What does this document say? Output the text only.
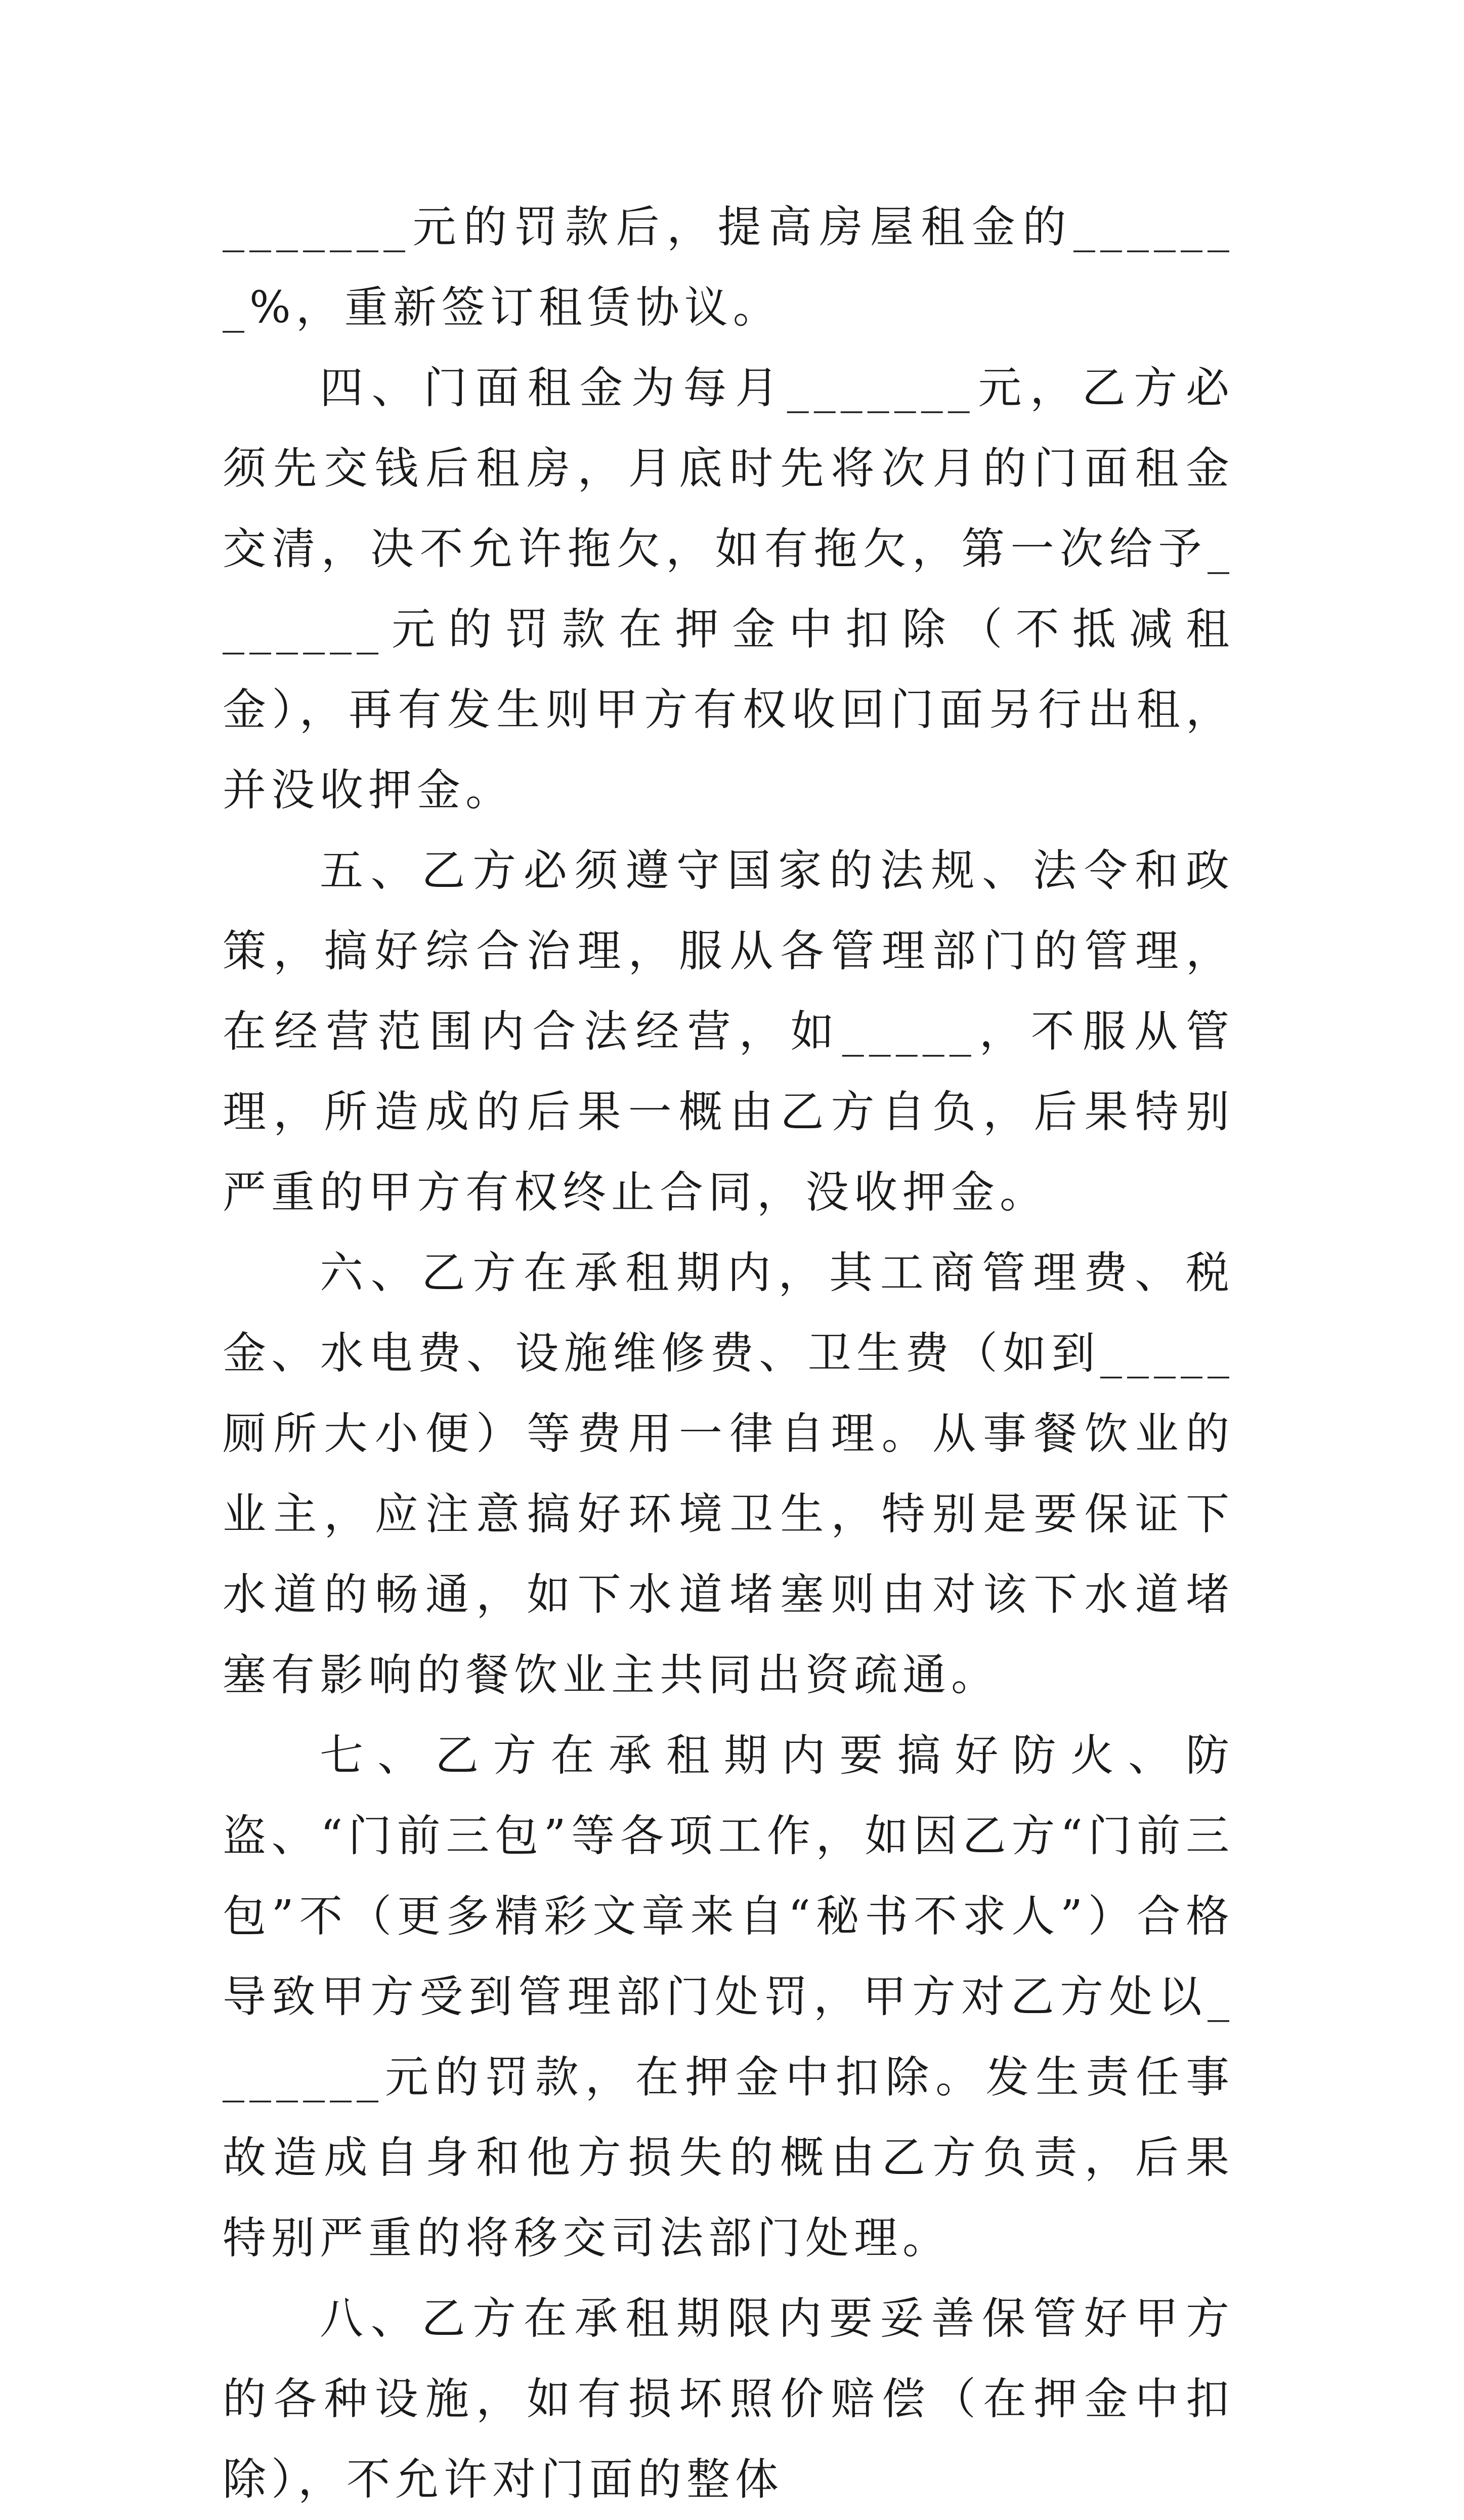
_______元的罚款后，提高房屋租金的_______%，重新签订租赁协议。

四、门面租金为每月_______元，乙方必须先交钱后租房，月底时先将次月的门面租金交清，决不允许拖欠，如有拖欠，第一次给予_______元的罚款在押金中扣除（不抵减租金），再有发生则甲方有权收回门面另行出租，并没收押金。

五、乙方必须遵守国家的法规、法令和政策，搞好综合治理，服从各管理部门的管理，在经营范围内合法经营，如_____，不服从管理，所造成的后果一概由乙方自负，后果特别严重的甲方有权终止合同，没收押金。

六、乙方在承租期内，其工商管理费、税金、水电费、设施维修费、卫生费（如到_____厕所大小便）等费用一律自理。从事餐饮业的业主，应注意搞好环境卫生，特别是要保证下水道的畅通，如下水道堵塞则由对该下水道堵塞有影响的餐饮业主共同出资疏通。

七、乙方在承租期内要搞好防火、防盗、“门前三包”等各项工作，如因乙方“门前三包”不（更多精彩文章来自“秘书不求人”）合格导致甲方受到管理部门处罚，甲方对乙方处以_______元的罚款，在押金中扣除。发生责任事故造成自身和他方损失的概由乙方负责，后果特别严重的将移交司法部门处理。

八、乙方在承租期限内要妥善保管好甲方的各种设施，如有损坏照价赔偿（在押金中扣除），不允许对门面的整体
